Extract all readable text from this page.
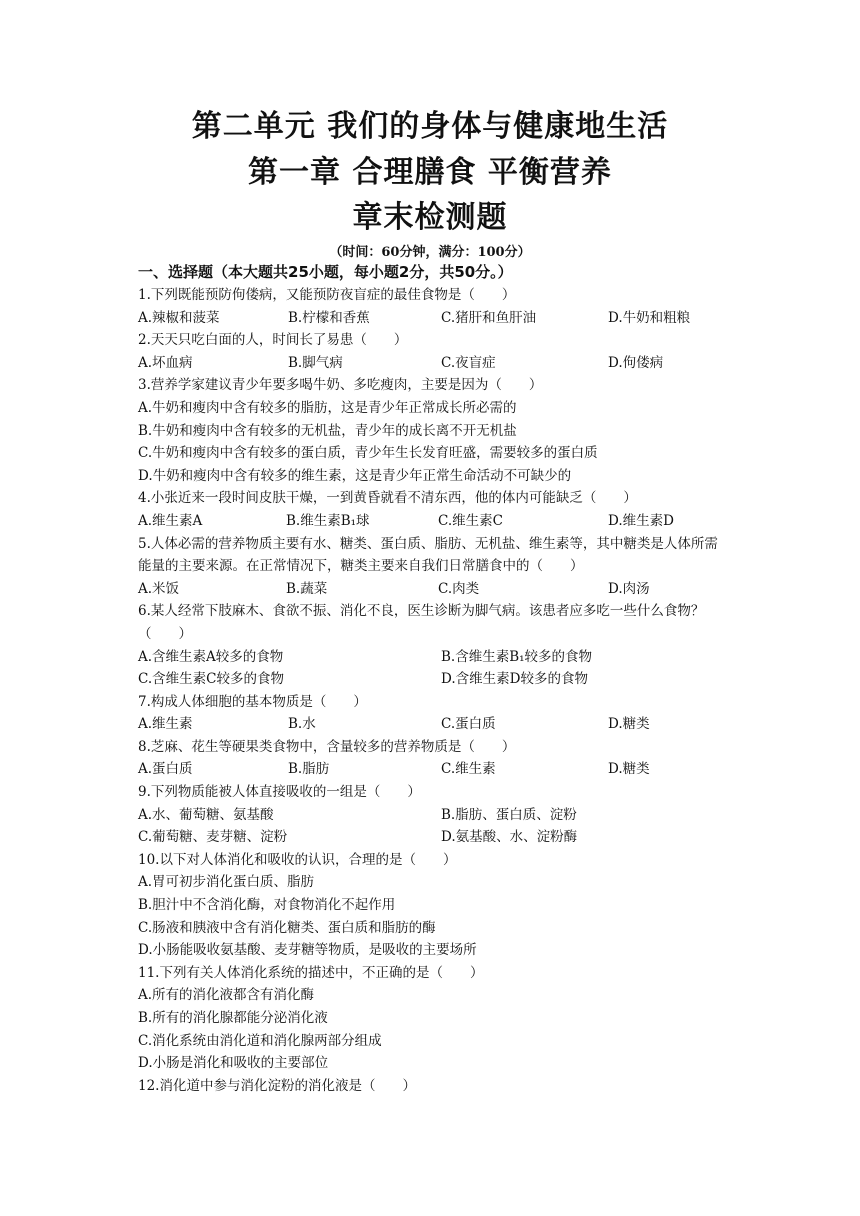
第二单元 我们的身体与健康地生活
第一章 合理膳食 平衡营养
章末检测题
（时间：60分钟，满分：100分）
一、选择题（本大题共25小题，每小题2分，共50分。）
1.下列既能预防佝偻病，又能预防夜盲症的最佳食物是（　　）
A.辣椒和菠菜	B.柠檬和香蕉	C.猪肝和鱼肝油	D.牛奶和粗粮
2.天天只吃白面的人，时间长了易患（　　）
A.坏血病	B.脚气病	C.夜盲症	D.佝偻病
3.营养学家建议青少年要多喝牛奶、多吃瘦肉，主要是因为（　　）
A.牛奶和瘦肉中含有较多的脂肪，这是青少年正常成长所必需的
B.牛奶和瘦肉中含有较多的无机盐，青少年的成长离不开无机盐
C.牛奶和瘦肉中含有较多的蛋白质，青少年生长发育旺盛，需要较多的蛋白质
D.牛奶和瘦肉中含有较多的维生素，这是青少年正常生命活动不可缺少的
4.小张近来一段时间皮肤干燥，一到黄昏就看不清东西，他的体内可能缺乏（　　）
A.维生素A	B.维生素B₁球	C.维生素C	D.维生素D
5.人体必需的营养物质主要有水、糖类、蛋白质、脂肪、无机盐、维生素等，其中糖类是人体所需能量的主要来源。在正常情况下，糖类主要来自我们日常膳食中的（　　）
A.米饭	B.蔬菜	C.肉类	D.肉汤
6.某人经常下肢麻木、食欲不振、消化不良，医生诊断为脚气病。该患者应多吃一些什么食物？（　　）
A.含维生素A较多的食物	B.含维生素B₁较多的食物
C.含维生素C较多的食物	D.含维生素D较多的食物
7.构成人体细胞的基本物质是（　　）
A.维生素	B.水	C.蛋白质	D.糖类
8.芝麻、花生等硬果类食物中，含量较多的营养物质是（　　）
A.蛋白质	B.脂肪	C.维生素	D.糖类
9.下列物质能被人体直接吸收的一组是（　　）
A.水、葡萄糖、氨基酸	B.脂肪、蛋白质、淀粉
C.葡萄糖、麦芽糖、淀粉	D.氨基酸、水、淀粉酶
10.以下对人体消化和吸收的认识，合理的是（　　）
A.胃可初步消化蛋白质、脂肪
B.胆汁中不含消化酶，对食物消化不起作用
C.肠液和胰液中含有消化糖类、蛋白质和脂肪的酶
D.小肠能吸收氨基酸、麦芽糖等物质，是吸收的主要场所
11.下列有关人体消化系统的描述中，不正确的是（　　）
A.所有的消化液都含有消化酶
B.所有的消化腺都能分泌消化液
C.消化系统由消化道和消化腺两部分组成
D.小肠是消化和吸收的主要部位
12.消化道中参与消化淀粉的消化液是（　　）
